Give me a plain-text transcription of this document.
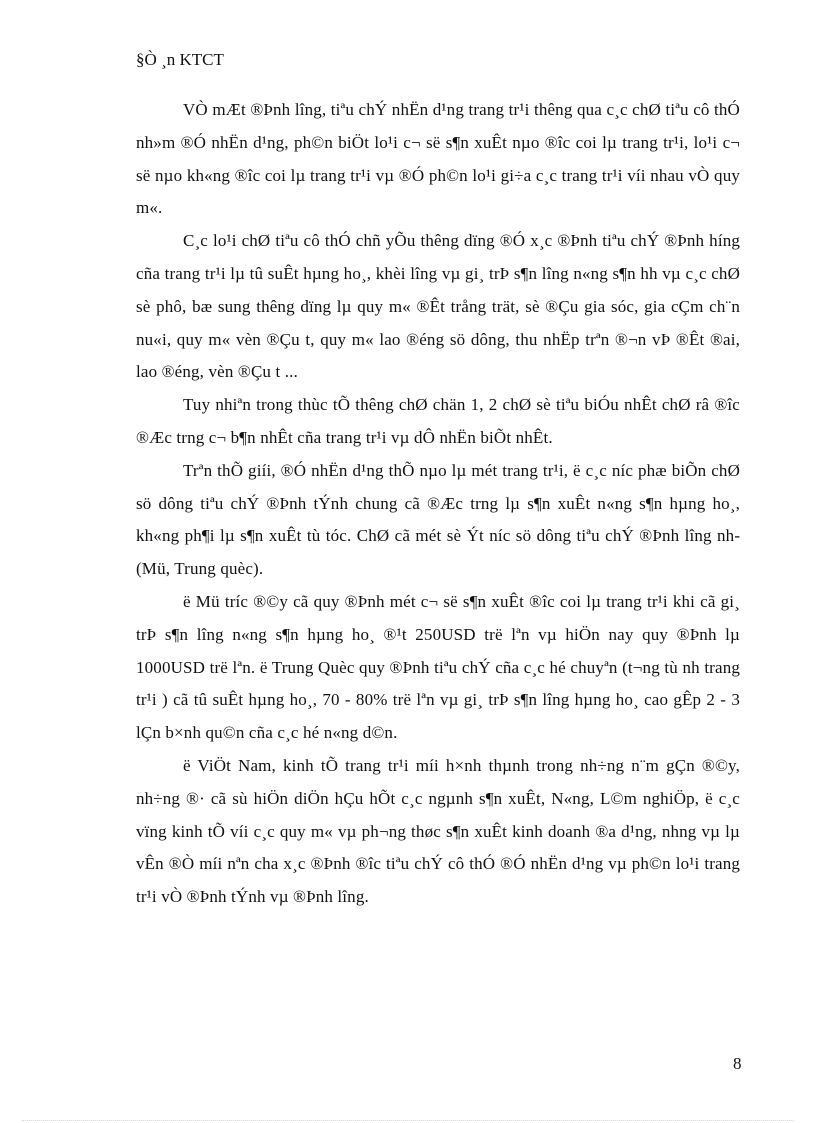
§Ò ¸n KTCT

VÒ mÆt ®Þnh lîng, tiªu chÝ nhËn d¹ng trang tr¹i thêng qua c¸c chØ tiªu cô thÓ nh»m ®Ó nhËn d¹ng, ph©n biÖt lo¹i c¬ së s¶n xuÊt nµo ®îc coi lµ trang tr¹i, lo¹i c¬ së nµo kh«ng ®îc coi lµ trang tr¹i vµ ®Ó ph©n lo¹i gi÷a c¸c trang tr¹i víi nhau vÒ quy m«.

C¸c lo¹i chØ tiªu cô thÓ chñ yÕu thêng dïng ®Ó x¸c ®Þnh tiªu chÝ ®Þnh híng cña trang tr¹i lµ tû suÊt hµng ho¸, khèi lîng vµ gi¸ trÞ s¶n lîng n«ng s¶n hh vµ c¸c chØ sè phô, bæ sung thêng dïng lµ quy m« ®Êt trång trät, sè ®Çu gia sóc, gia cÇm ch¨n nu«i, quy m« vèn ®Çu t, quy m« lao ®éng sö dông, thu nhËp trªn ®¬n vÞ ®Êt ®ai, lao ®éng, vèn ®Çu t ...

Tuy nhiªn trong thùc tÕ thêng chØ chän 1, 2 chØ sè tiªu biÓu nhÊt chØ râ ®îc ®Æc trng c¬ b¶n nhÊt cña trang tr¹i vµ dÔ nhËn biÕt nhÊt.

Trªn thÕ giíi, ®Ó nhËn d¹ng thÕ nµo lµ mét trang tr¹i, ë c¸c níc phæ biÕn chØ sö dông tiªu chÝ ®Þnh tÝnh chung cã ®Æc trng lµ s¶n xuÊt n«ng s¶n hµng ho¸, kh«ng ph¶i lµ s¶n xuÊt tù tóc. ChØ cã mét sè Ýt níc sö dông tiªu chÝ ®Þnh lîng nh (Mü, Trung quèc).

ë Mü tríc ®©y cã quy ®Þnh mét c¬ së s¶n xuÊt ®îc coi lµ trang tr¹i khi cã gi¸ trÞ s¶n lîng n«ng s¶n hµng ho¸ ®¹t 250USD trë lªn vµ hiÖn nay quy ®Þnh lµ 1000USD trë lªn. ë Trung Quèc quy ®Þnh tiªu chÝ cña c¸c hé chuyªn (t¬ng tù nh trang tr¹i ) cã tû suÊt hµng ho¸, 70 - 80% trë lªn vµ gi¸ trÞ s¶n lîng hµng ho¸ cao gÊp 2 - 3 lÇn b×nh qu©n cña c¸c hé n«ng d©n.

ë ViÖt Nam, kinh tÕ trang tr¹i míi h×nh thµnh trong nh÷ng n¨m gÇn ®©y, nh÷ng ®· cã sù hiÖn diÖn hÇu hÕt c¸c ngµnh s¶n xuÊt, N«ng, L©m nghiÖp, ë c¸c vïng kinh tÕ víi c¸c quy m« vµ ph¬ng thøc s¶n xuÊt kinh doanh ®a d¹ng, nhng vµ lµ vÊn ®Ò míi nªn cha x¸c ®Þnh ®îc tiªu chÝ cô thÓ ®Ó nhËn d¹ng vµ ph©n lo¹i trang tr¹i vÒ ®Þnh tÝnh vµ ®Þnh lîng.

8
